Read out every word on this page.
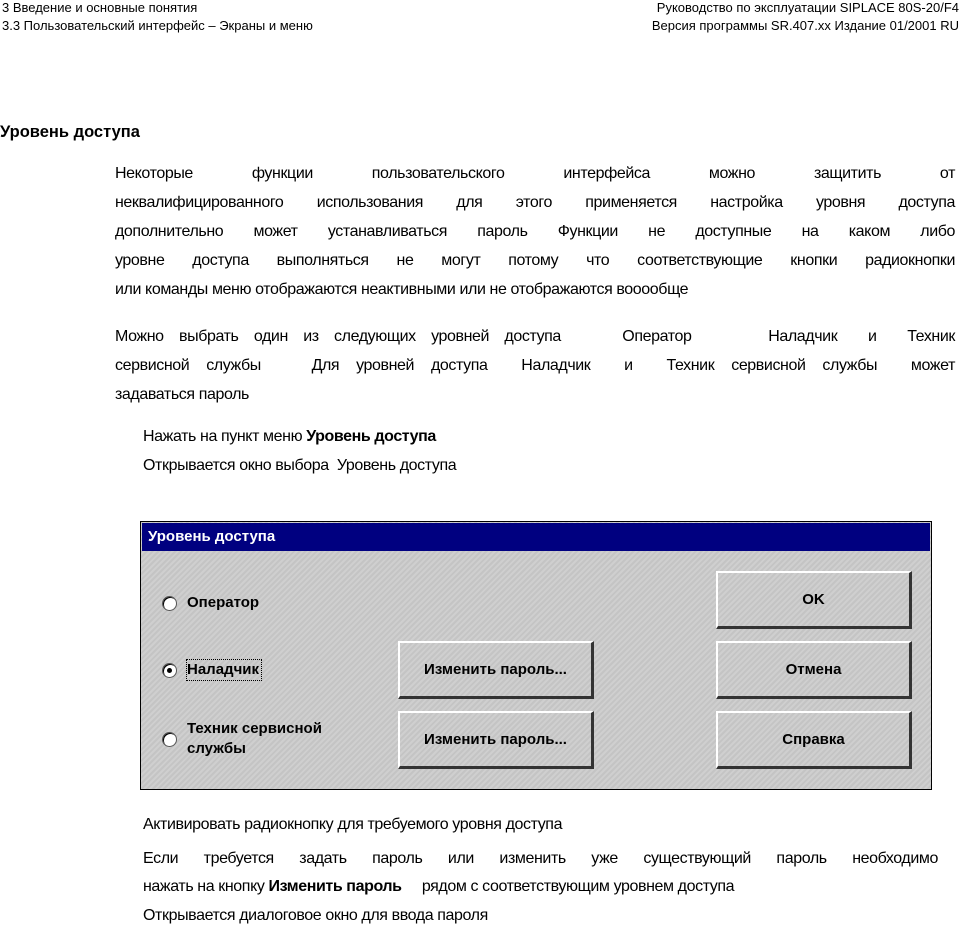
3 Введение и основные понятия
3.3 Пользовательский интерфейс – Экраны и меню
Руководство по эксплуатации SIPLACE 80S-20/F4
Версия программы SR.407.xx Издание 01/2001 RU
Уровень доступа
Некоторые функции пользовательского интерфейса можно защитить от
неквалифицированного использования для этого применяется настройка уровня доступа
дополнительно может устанавливаться пароль Функции не доступные на каком либо
уровне доступа выполняться не могут потому что соответствующие кнопки радиокнопки
или команды меню отображаются неактивными или не отображаются вооообще
Можно выбрать один из следующих уровней доступа    Оператор     Наладчик  и  Техник
сервисной службы   Для уровней доступа  Наладчик  и  Техник сервисной службы  может
задаваться пароль
Нажать на пункт меню Уровень доступа
Открывается окно выбора  Уровень доступа
Уровень доступа
Оператор
Наладчик
Техник сервисной
службы
Изменить пароль...
Изменить пароль...
OK
Отмена
Справка
Активировать радиокнопку для требуемого уровня доступа
Если требуется задать пароль или изменить уже существующий пароль необходимо
нажать на кнопку Изменить пароль     рядом с соответствующим уровнем доступа
Открывается диалоговое окно для ввода пароля
